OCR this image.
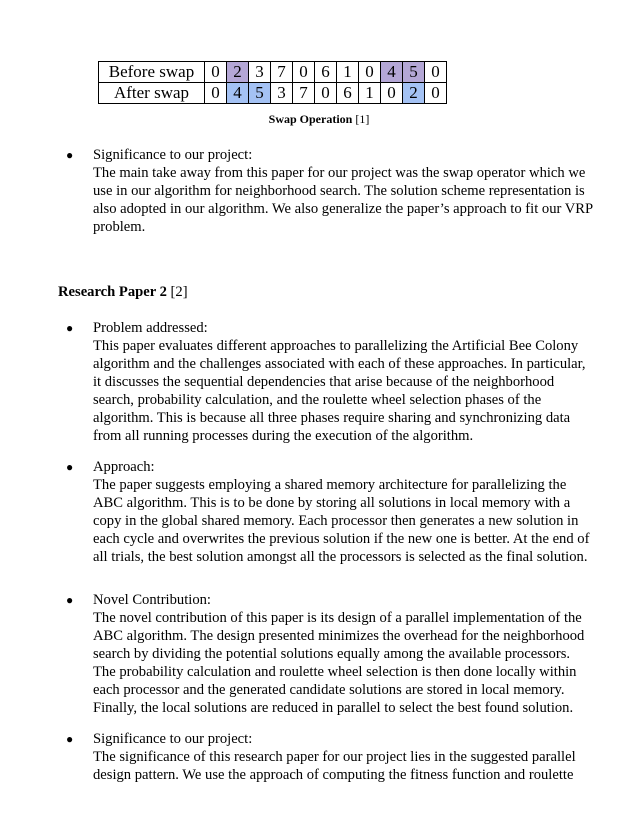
Before swap	0	2	3	7	0	6	1	0	4	5	0
After swap	0	4	5	3	7	0	6	1	0	2	0
Swap Operation [1]
●	Significance to our project:

The main take away from this paper for our project was the swap operator which we use in our algorithm for neighborhood search. The solution scheme representation is also adopted in our algorithm. We also generalize the paper’s approach to fit our VRP problem.

Research Paper 2 [2]
●	Problem addressed:

This paper evaluates different approaches to parallelizing the Artificial Bee Colony algorithm and the challenges associated with each of these approaches. In particular, it discusses the sequential dependencies that arise because of the neighborhood search, probability calculation, and the roulette wheel selection phases of the algorithm. This is because all three phases require sharing and synchronizing data from all running processes during the execution of the algorithm.

●	Approach:

The paper suggests employing a shared memory architecture for parallelizing the ABC algorithm. This is to be done by storing all solutions in local memory with a copy in the global shared memory. Each processor then generates a new solution in each cycle and overwrites the previous solution if the new one is better. At the end of all trials, the best solution amongst all the processors is selected as the final solution.

●	Novel Contribution:

The novel contribution of this paper is its design of a parallel implementation of the ABC algorithm. The design presented minimizes the overhead for the neighborhood search by dividing the potential solutions equally among the available processors. The probability calculation and roulette wheel selection is then done locally within each processor and the generated candidate solutions are stored in local memory. Finally, the local solutions are reduced in parallel to select the best found solution.

●	Significance to our project:

The significance of this research paper for our project lies in the suggested parallel design pattern. We use the approach of computing the fitness function and roulette
